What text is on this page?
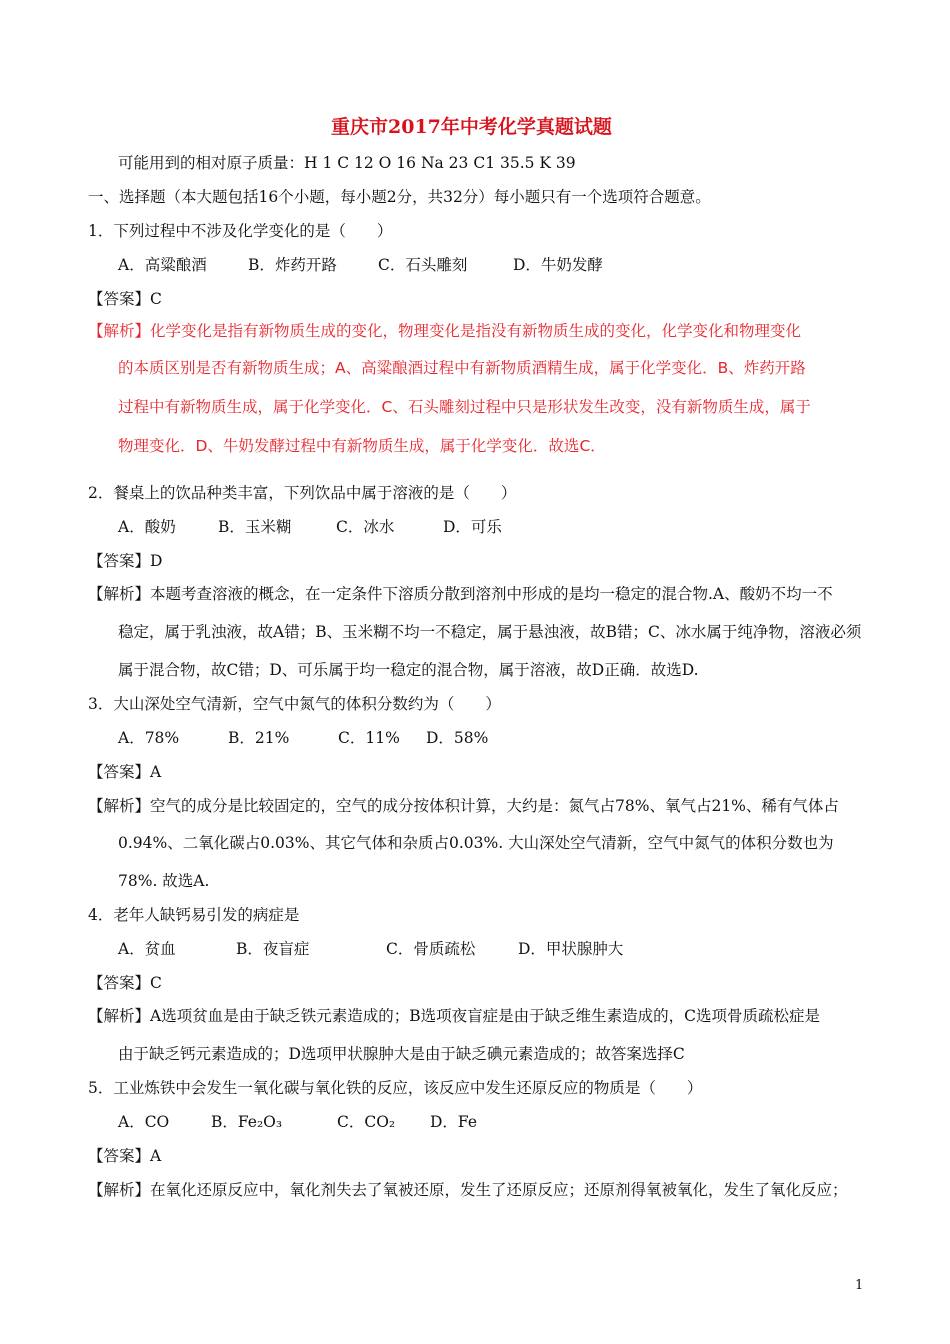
重庆市2017年中考化学真题试题
可能用到的相对原子质量：H 1 C 12 O 16 Na 23 C1 35.5 K 39
一、选择题（本大题包括16个小题，每小题2分，共32分）每小题只有一个选项符合题意。
1．下列过程中不涉及化学变化的是（　　）
A．高粱酿酒	B．炸药开路	C．石头雕刻	D．牛奶发酵
【答案】C
【解析】化学变化是指有新物质生成的变化，物理变化是指没有新物质生成的变化，化学变化和物理变化
的本质区别是否有新物质生成；A、高粱酿酒过程中有新物质酒精生成，属于化学变化．B、炸药开路
过程中有新物质生成，属于化学变化．C、石头雕刻过程中只是形状发生改变，没有新物质生成，属于
物理变化．D、牛奶发酵过程中有新物质生成，属于化学变化．故选C．
2．餐桌上的饮品种类丰富，下列饮品中属于溶液的是（　　）
A．酸奶	B．玉米糊	C．冰水	D．可乐
【答案】D
【解析】本题考查溶液的概念，在一定条件下溶质分散到溶剂中形成的是均一稳定的混合物.A、酸奶不均一不
稳定，属于乳浊液，故A错；B、玉米糊不均一不稳定，属于悬浊液，故B错；C、冰水属于纯净物，溶液必须
属于混合物，故C错；D、可乐属于均一稳定的混合物，属于溶液，故D正确．故选D.
3．大山深处空气清新，空气中氮气的体积分数约为（　　）
A．78%	B．21%	C．11% D．58%
【答案】A
【解析】空气的成分是比较固定的，空气的成分按体积计算，大约是：氮气占78%、氧气占21%、稀有气体占
0.94%、二氧化碳占0.03%、其它气体和杂质占0.03%. 大山深处空气清新，空气中氮气的体积分数也为
78%. 故选A.
4．老年人缺钙易引发的病症是
A．贫血	B．夜盲症	C．骨质疏松	D．甲状腺肿大
【答案】C
【解析】A选项贫血是由于缺乏铁元素造成的；B选项夜盲症是由于缺乏维生素造成的，C选项骨质疏松症是
由于缺乏钙元素造成的；D选项甲状腺肿大是由于缺乏碘元素造成的；故答案选择C
5．工业炼铁中会发生一氧化碳与氧化铁的反应，该反应中发生还原反应的物质是（　　）
A．CO	B．Fe₂O₃	C．CO₂ D．Fe
【答案】A
【解析】在氧化还原反应中，氧化剂失去了氧被还原，发生了还原反应；还原剂得氧被氧化，发生了氧化反应；
1
